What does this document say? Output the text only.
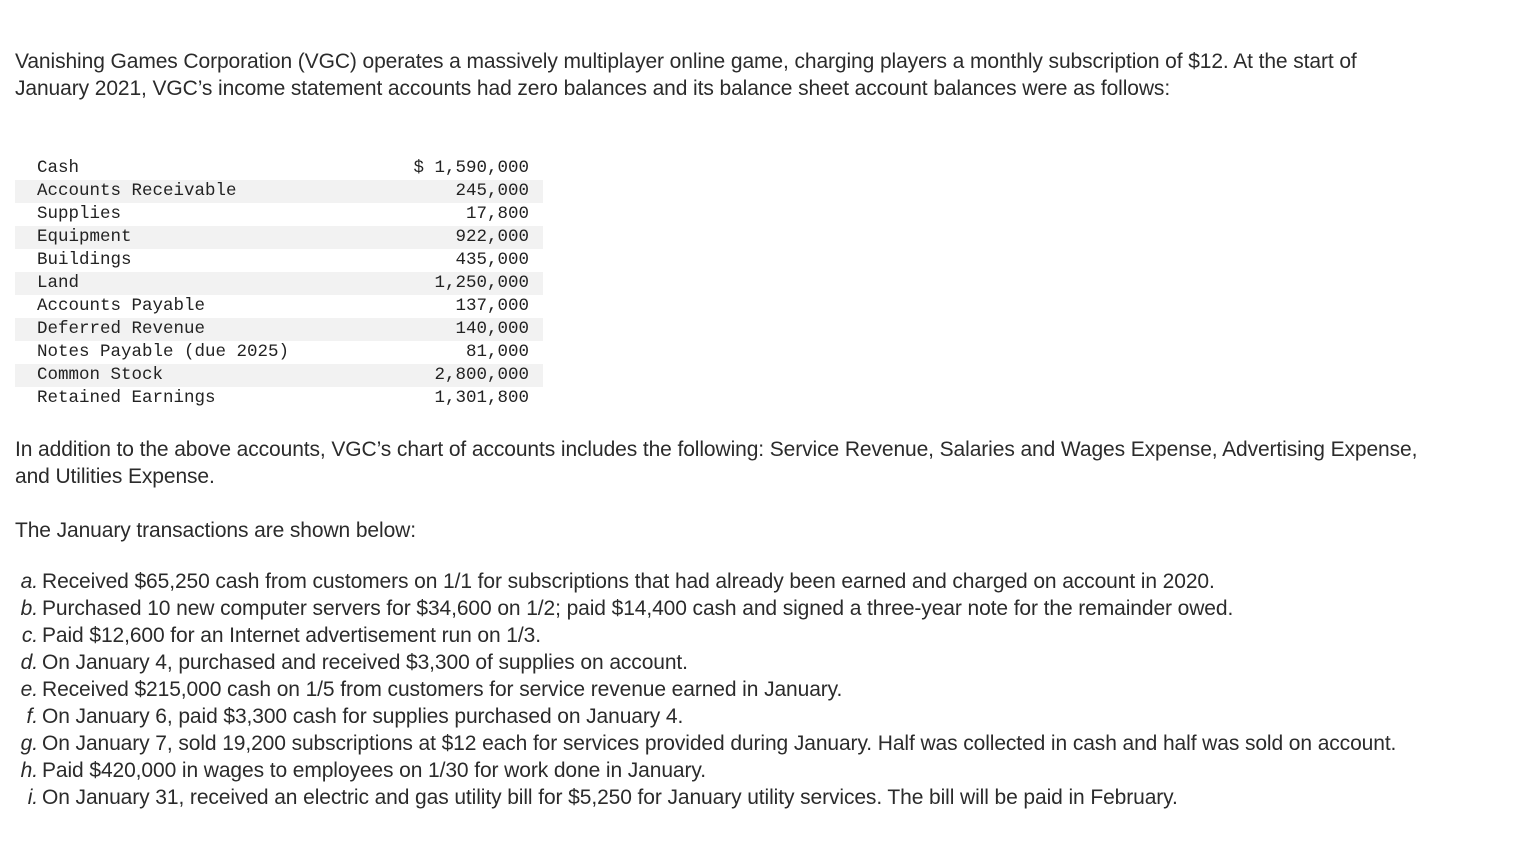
Vanishing Games Corporation (VGC) operates a massively multiplayer online game, charging players a monthly subscription of $12. At the start of January 2021, VGC’s income statement accounts had zero balances and its balance sheet account balances were as follows:
Cash	$ 1,590,000
Accounts Receivable	245,000
Supplies	17,800
Equipment	922,000
Buildings	435,000
Land	1,250,000
Accounts Payable	137,000
Deferred Revenue	140,000
Notes Payable (due 2025)	81,000
Common Stock	2,800,000
Retained Earnings	1,301,800
In addition to the above accounts, VGC’s chart of accounts includes the following: Service Revenue, Salaries and Wages Expense, Advertising Expense, and Utilities Expense.
The January transactions are shown below:
a. Received $65,250 cash from customers on 1/1 for subscriptions that had already been earned and charged on account in 2020.
b. Purchased 10 new computer servers for $34,600 on 1/2; paid $14,400 cash and signed a three-year note for the remainder owed.
c. Paid $12,600 for an Internet advertisement run on 1/3.
d. On January 4, purchased and received $3,300 of supplies on account.
e. Received $215,000 cash on 1/5 from customers for service revenue earned in January.
f. On January 6, paid $3,300 cash for supplies purchased on January 4.
g. On January 7, sold 19,200 subscriptions at $12 each for services provided during January. Half was collected in cash and half was sold on account.
h. Paid $420,000 in wages to employees on 1/30 for work done in January.
i. On January 31, received an electric and gas utility bill for $5,250 for January utility services. The bill will be paid in February.
